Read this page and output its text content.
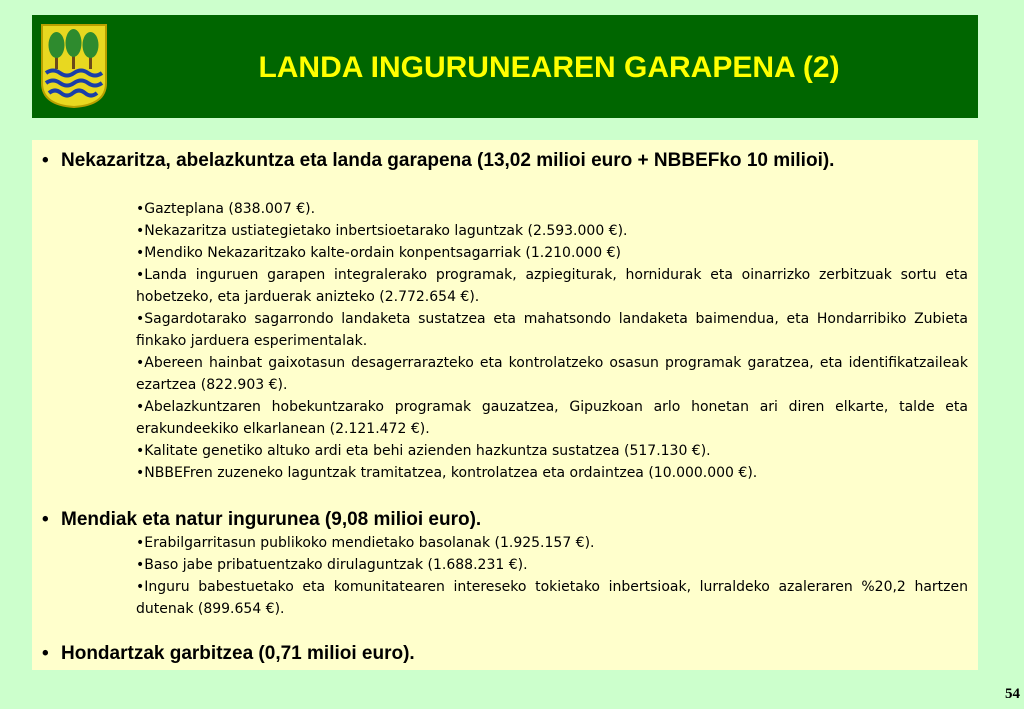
LANDA INGURUNEAREN GARAPENA (2)
• Nekazaritza, abelazkuntza eta landa garapena (13,02 milioi euro + NBBEFko 10 milioi).
•Gazteplana (838.007 €).
•Nekazaritza ustiategietako inbertsioetarako laguntzak (2.593.000 €).
•Mendiko Nekazaritzako kalte-ordain konpentsagarriak (1.210.000 €)
•Landa inguruen garapen integralerako programak, azpiegiturak, hornidurak eta oinarrizko zerbitzuak sortu eta hobetzeko, eta jarduerak anizteko (2.772.654 €).
•Sagardotarako sagarrondo landaketa sustatzea eta mahatsondo landaketa baimendua, eta Hondarribiko Zubieta finkako jarduera esperimentalak.
•Abereen hainbat gaixotasun desagerrarazteko eta kontrolatzeko osasun programak garatzea, eta identifikatzaileak ezartzea (822.903 €).
•Abelazkuntzaren hobekuntzarako programak gauzatzea, Gipuzkoan arlo honetan ari diren elkarte, talde eta erakundeekiko elkarlanean (2.121.472 €).
•Kalitate genetiko altuko ardi eta behi azienden hazkuntza sustatzea (517.130 €).
•NBBEFren zuzeneko laguntzak tramitatzea, kontrolatzea eta ordaintzea (10.000.000 €).
• Mendiak eta natur ingurunea (9,08 milioi euro).
•Erabilgarritasun publikoko mendietako basolanak (1.925.157 €).
•Baso jabe pribatuentzako dirulaguntzak (1.688.231 €).
•Inguru babestuetako eta komunitatearen intereseko tokietako inbertsioak, lurraldeko azaleraren %20,2 hartzen dutenak (899.654 €).
• Hondartzak garbitzea (0,71 milioi euro).
54
